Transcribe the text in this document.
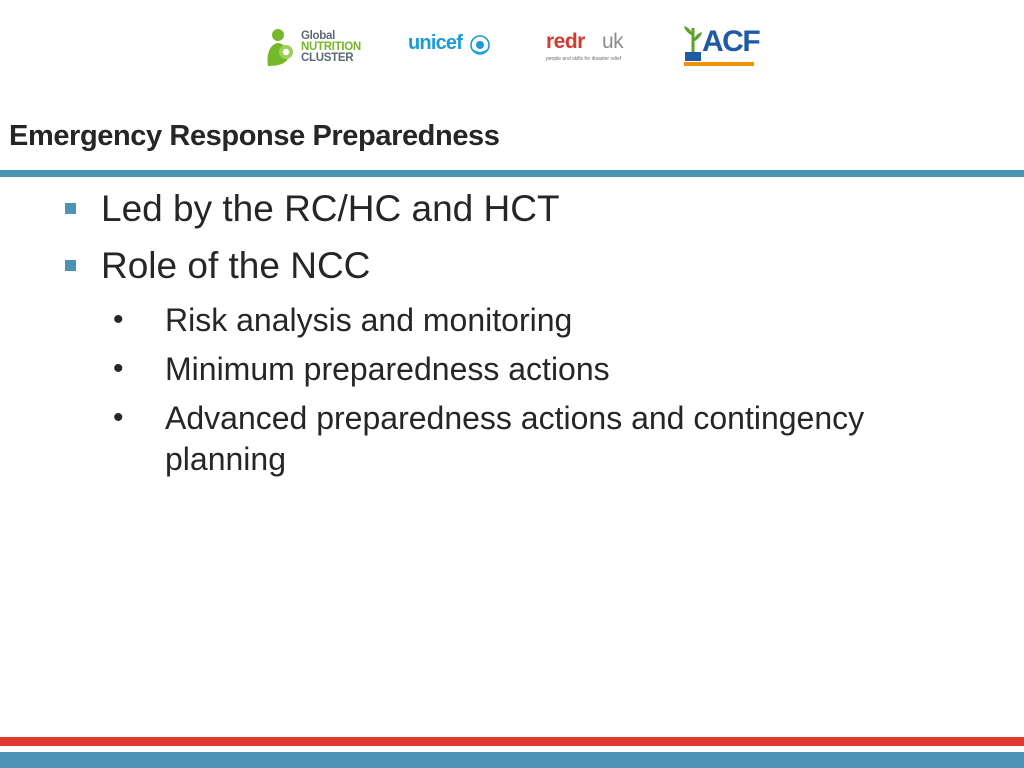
Global
NUTRITION
CLUSTER
unicef	redr uk
people and skills for disaster relief
ACF
Emergency Response Preparedness
Led by the RC/HC and HCT
Role of the NCC
• Risk analysis and monitoring
• Minimum preparedness actions
• Advanced preparedness actions and contingency planning
